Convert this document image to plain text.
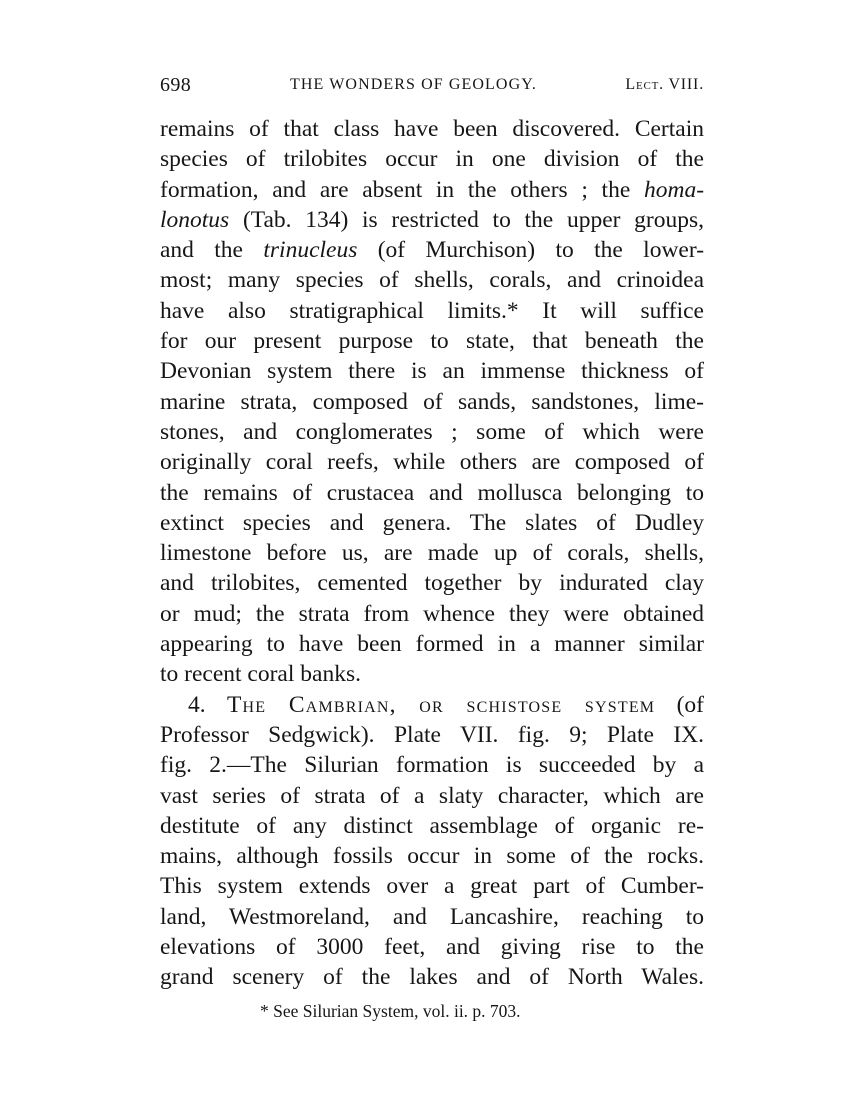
698	THE WONDERS OF GEOLOGY.	Lect. VIII.
remains of that class have been discovered. Certain
species of trilobites occur in one division of the
formation, and are absent in the others ; the homa-
lonotus (Tab. 134) is restricted to the upper groups,
and the trinucleus (of Murchison) to the lower-
most; many species of shells, corals, and crinoidea
have also stratigraphical limits.* It will suffice
for our present purpose to state, that beneath the
Devonian system there is an immense thickness of
marine strata, composed of sands, sandstones, lime-
stones, and conglomerates ; some of which were
originally coral reefs, while others are composed of
the remains of crustacea and mollusca belonging to
extinct species and genera. The slates of Dudley
limestone before us, are made up of corals, shells,
and trilobites, cemented together by indurated clay
or mud; the strata from whence they were obtained
appearing to have been formed in a manner similar
to recent coral banks.
4. The Cambrian, or schistose system (of
Professor Sedgwick). Plate VII. fig. 9; Plate IX.
fig. 2.—The Silurian formation is succeeded by a
vast series of strata of a slaty character, which are
destitute of any distinct assemblage of organic re-
mains, although fossils occur in some of the rocks.
This system extends over a great part of Cumber-
land, Westmoreland, and Lancashire, reaching to
elevations of 3000 feet, and giving rise to the
grand scenery of the lakes and of North Wales.
* See Silurian System, vol. ii. p. 703.
